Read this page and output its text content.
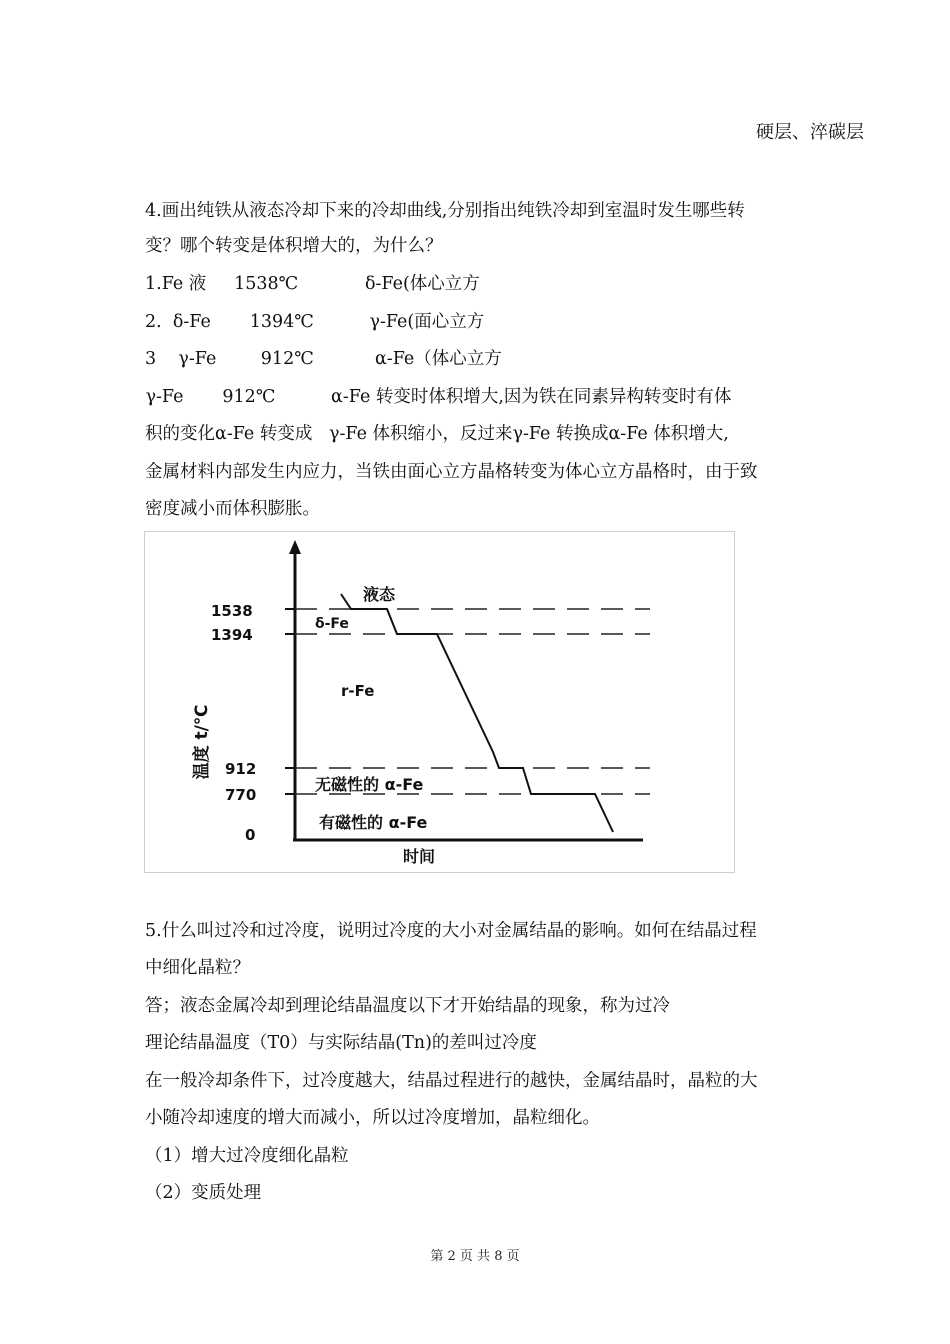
硬层、淬碳层
4.画出纯铁从液态冷却下来的冷却曲线,分别指出纯铁冷却到室温时发生哪些转
变？哪个转变是体积增大的，为什么？
1.Fe 液     1538℃            δ-Fe(体心立方
2.  δ-Fe       1394℃          γ-Fe(面心立方
3    γ-Fe        912℃           α-Fe（体心立方
γ-Fe       912℃          α-Fe 转变时体积增大,因为铁在同素异构转变时有体
积的变化α-Fe 转变成   γ-Fe 体积缩小，反过来γ-Fe 转换成α-Fe 体积增大,
金属材料内部发生内应力，当铁由面心立方晶格转变为体心立方晶格时，由于致
密度减小而体积膨胀。
1538
1394
912
770
0
温度 t/℃
时间
液态
δ-Fe
r-Fe
无磁性的 α-Fe
有磁性的 α-Fe
5.什么叫过冷和过冷度，说明过冷度的大小对金属结晶的影响。如何在结晶过程
中细化晶粒？
答；液态金属冷却到理论结晶温度以下才开始结晶的现象，称为过冷
理论结晶温度（T0）与实际结晶(Tn)的差叫过冷度
在一般冷却条件下，过冷度越大，结晶过程进行的越快，金属结晶时，晶粒的大
小随冷却速度的增大而减小，所以过冷度增加，晶粒细化。
（1）增大过冷度细化晶粒
（2）变质处理
第 2 页 共 8 页
